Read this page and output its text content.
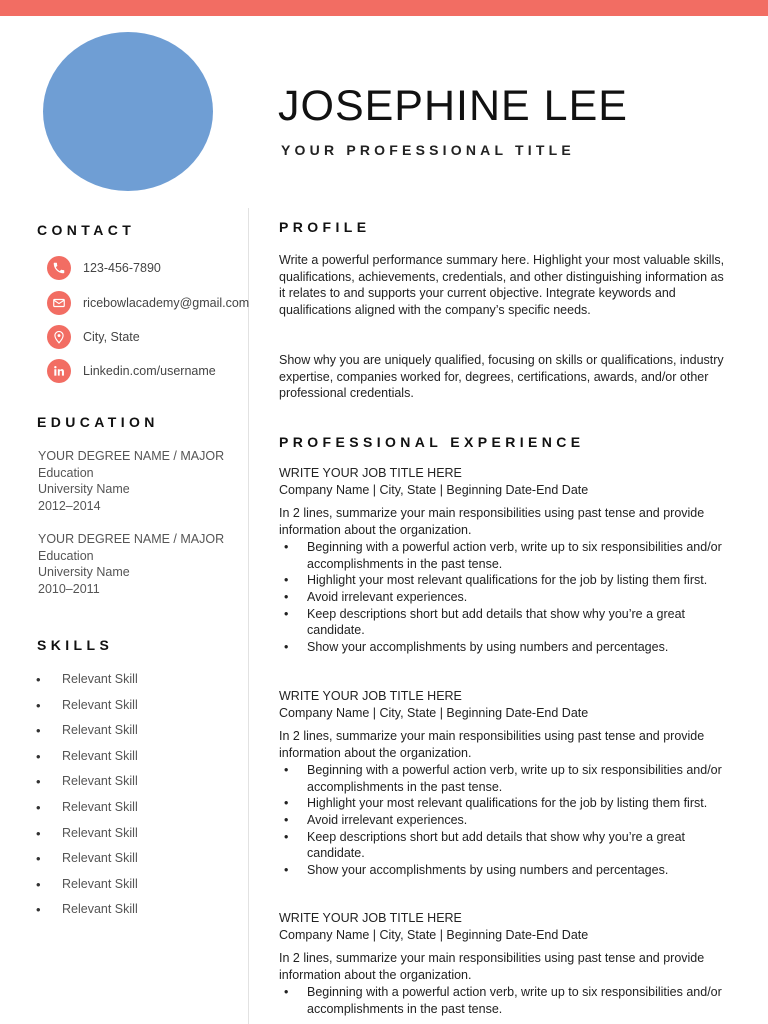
JOSEPHINE LEE
YOUR PROFESSIONAL TITLE
CONTACT
123-456-7890
ricebowlacademy@gmail.com
City, State
Linkedin.com/username
EDUCATION
YOUR DEGREE NAME / MAJOR
Education
University Name
2012–2014
YOUR DEGREE NAME / MAJOR
Education
University Name
2010–2011
SKILLS
• Relevant Skill
• Relevant Skill
• Relevant Skill
• Relevant Skill
• Relevant Skill
• Relevant Skill
• Relevant Skill
• Relevant Skill
• Relevant Skill
• Relevant Skill
PROFILE

Write a powerful performance summary here. Highlight your most valuable skills, qualifications, achievements, credentials, and other distinguishing information as it relates to and supports your current objective. Integrate keywords and qualifications aligned with the company’s specific needs.

Show why you are uniquely qualified, focusing on skills or qualifications, industry expertise, companies worked for, degrees, certifications, awards, and/or other professional credentials.

PROFESSIONAL EXPERIENCE
WRITE YOUR JOB TITLE HERE
Company Name | City, State | Beginning Date-End Date
In 2 lines, summarize your main responsibilities using past tense and provide information about the organization.
• Beginning with a powerful action verb, write up to six responsibilities and/or accomplishments in the past tense.
• Highlight your most relevant qualifications for the job by listing them first.
• Avoid irrelevant experiences.
• Keep descriptions short but add details that show why you’re a great candidate.
• Show your accomplishments by using numbers and percentages.
WRITE YOUR JOB TITLE HERE
Company Name | City, State | Beginning Date-End Date
In 2 lines, summarize your main responsibilities using past tense and provide information about the organization.
• Beginning with a powerful action verb, write up to six responsibilities and/or accomplishments in the past tense.
• Highlight your most relevant qualifications for the job by listing them first.
• Avoid irrelevant experiences.
• Keep descriptions short but add details that show why you’re a great candidate.
• Show your accomplishments by using numbers and percentages.
WRITE YOUR JOB TITLE HERE
Company Name | City, State | Beginning Date-End Date
In 2 lines, summarize your main responsibilities using past tense and provide information about the organization.
• Beginning with a powerful action verb, write up to six responsibilities and/or accomplishments in the past tense.
